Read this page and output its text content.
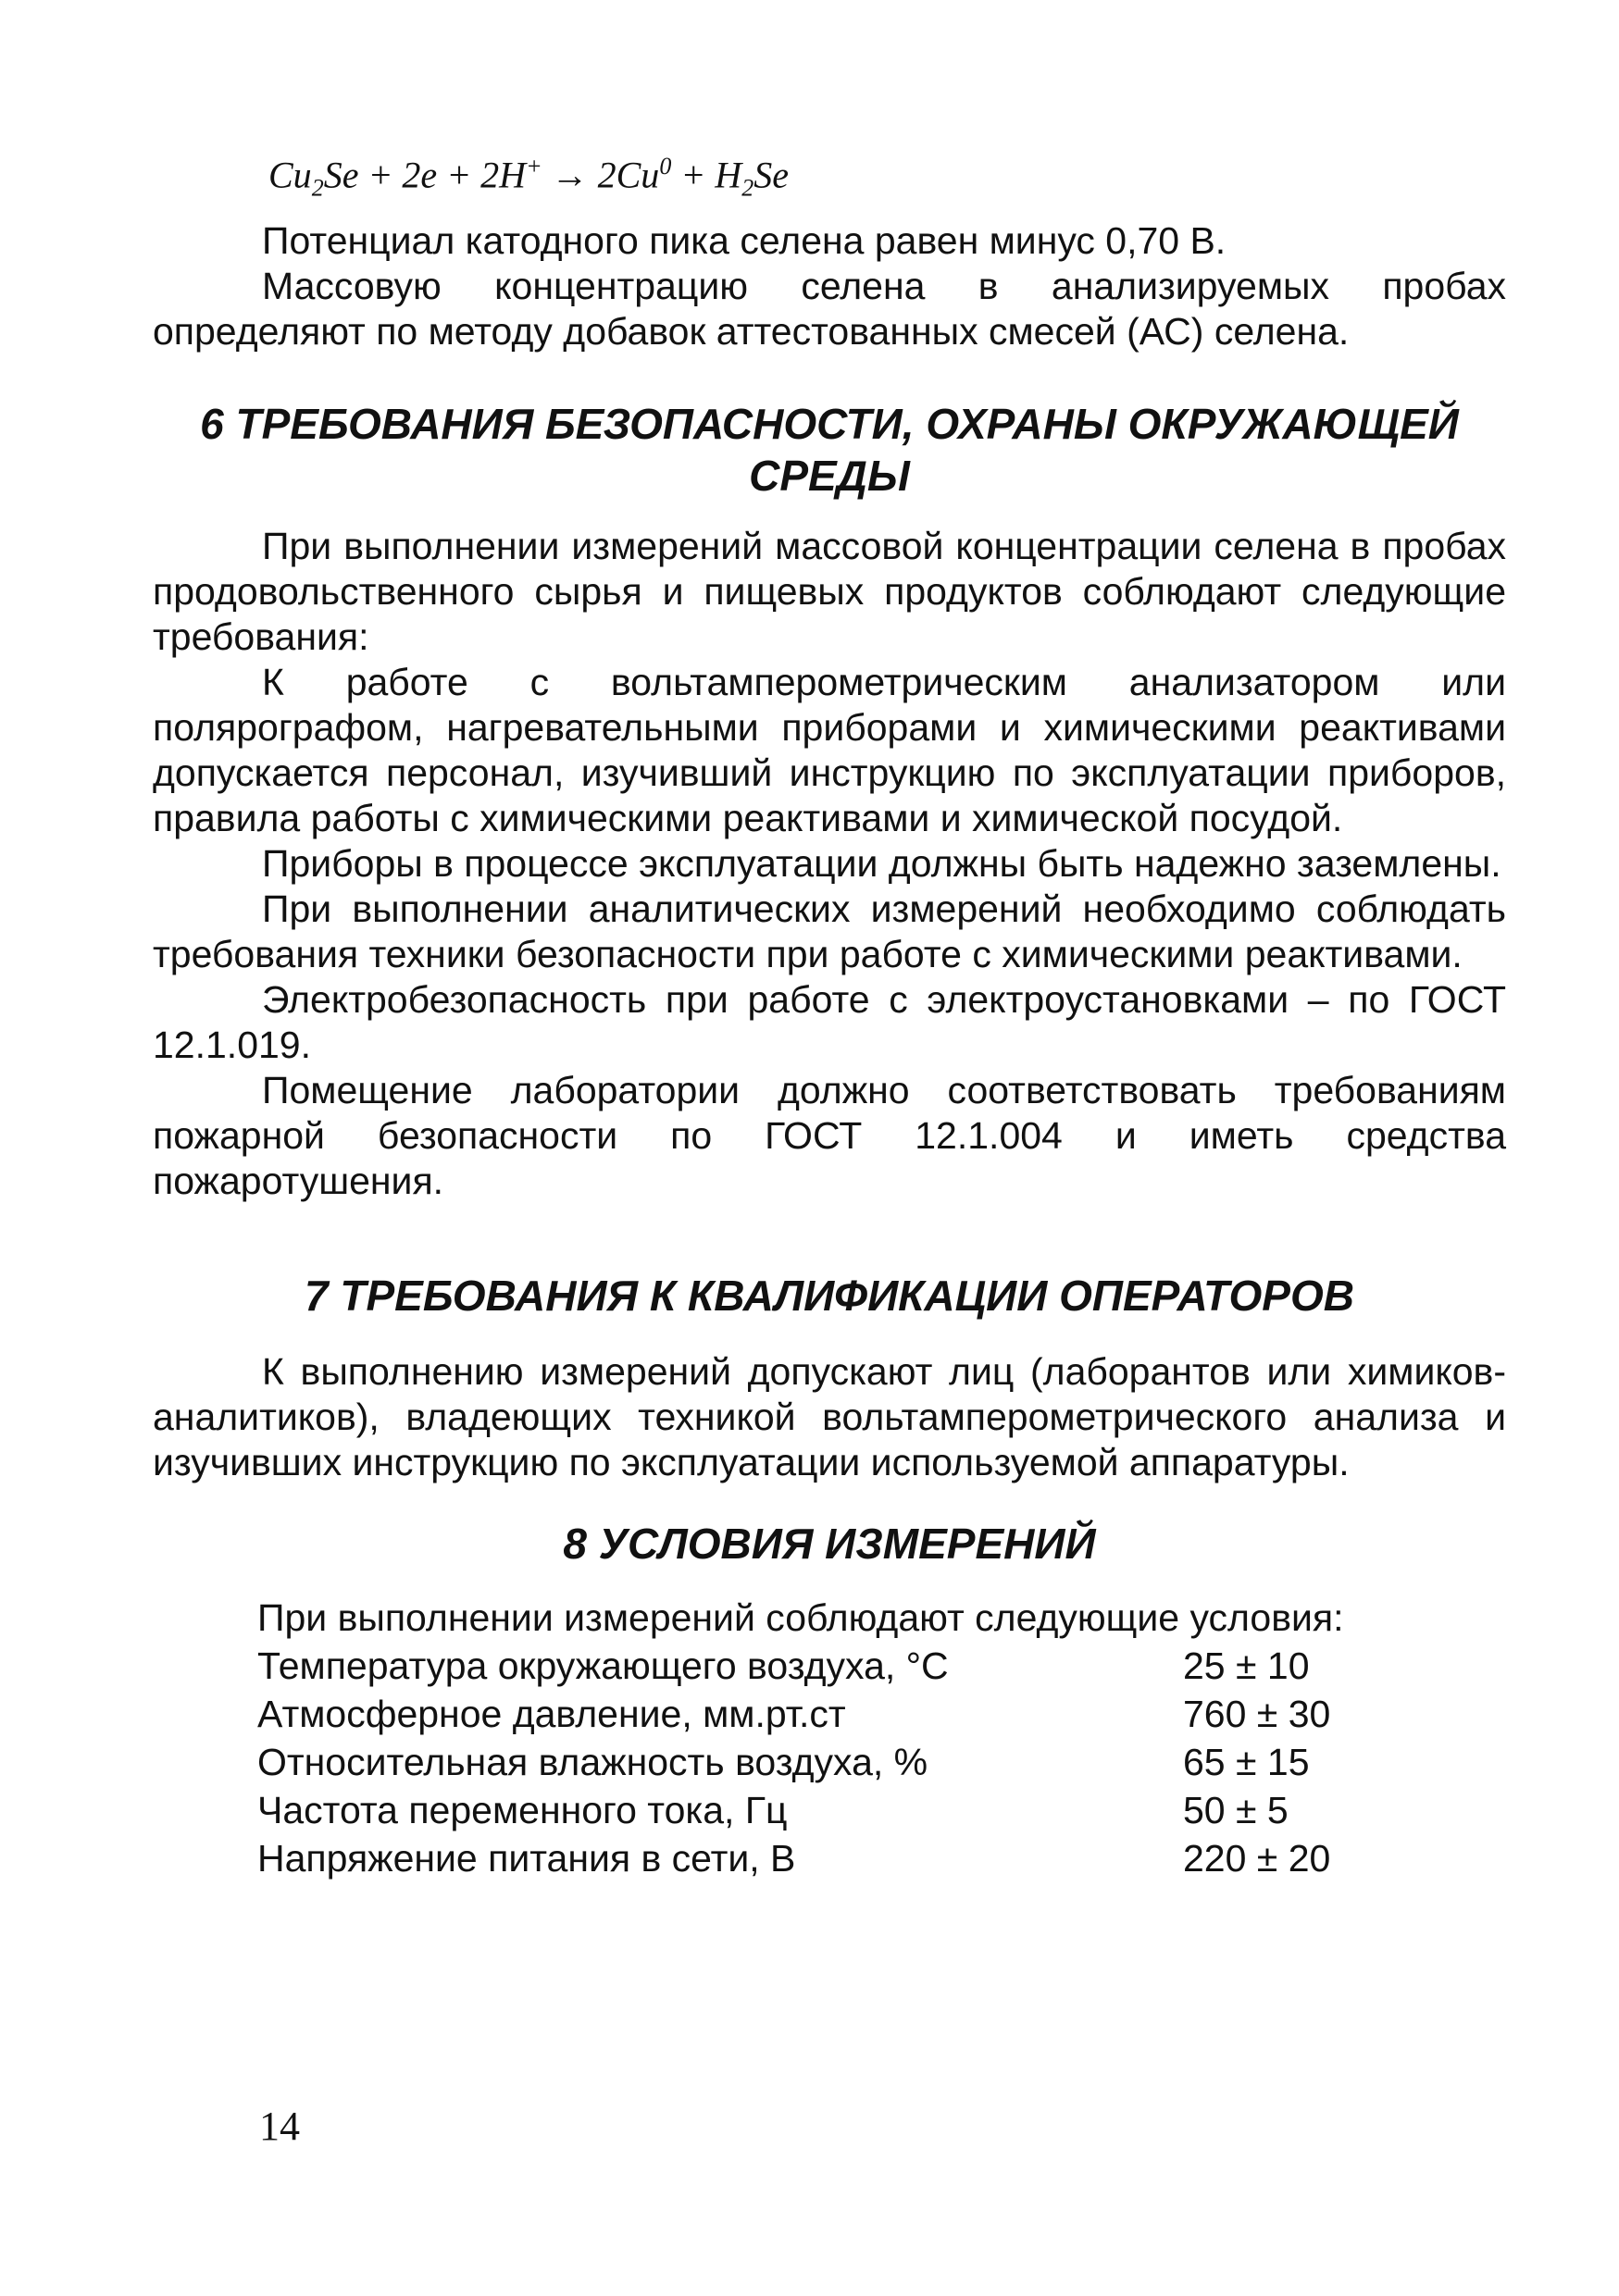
$Cu_2Se + 2e + 2H^+ \to 2Cu^0 + H_2Se$

Потенциал катодного пика селена равен минус 0,70 В.

Массовую концентрацию селена в анализируемых пробах определяют по методу добавок аттестованных смесей (АС) селена.

6 ТРЕБОВАНИЯ БЕЗОПАСНОСТИ, ОХРАНЫ ОКРУЖАЮЩЕЙ
СРЕДЫ

При выполнении измерений массовой концентрации селена в пробах продовольственного сырья и пищевых продуктов соблюдают следующие требования:

К работе с вольтамперометрическим анализатором или полярографом, нагревательными приборами и химическими реактивами допускается персонал, изучивший инструкцию по эксплуатации приборов, правила работы с химическими реактивами и химической посудой.

Приборы в процессе эксплуатации должны быть надежно заземлены.

При выполнении аналитических измерений необходимо соблюдать требования техники безопасности при работе с химическими реактивами.

Электробезопасность при работе с электроустановками – по ГОСТ 12.1.019.

Помещение лаборатории должно соответствовать требованиям пожарной безопасности по ГОСТ 12.1.004 и иметь средства пожаротушения.

7 ТРЕБОВАНИЯ К КВАЛИФИКАЦИИ ОПЕРАТОРОВ

К выполнению измерений допускают лиц (лаборантов или химиков-аналитиков), владеющих техникой вольтамперометрического анализа и изучивших инструкцию по эксплуатации используемой аппаратуры.

8 УСЛОВИЯ ИЗМЕРЕНИЙ
При выполнении измерений соблюдают следующие условия:
Температура окружающего воздуха, °С	25 ± 10
Атмосферное давление, мм.рт.ст	760 ± 30
Относительная влажность воздуха, %	65 ± 15
Частота переменного тока, Гц	50 ± 5
Напряжение питания в сети, В	220 ± 20
14
